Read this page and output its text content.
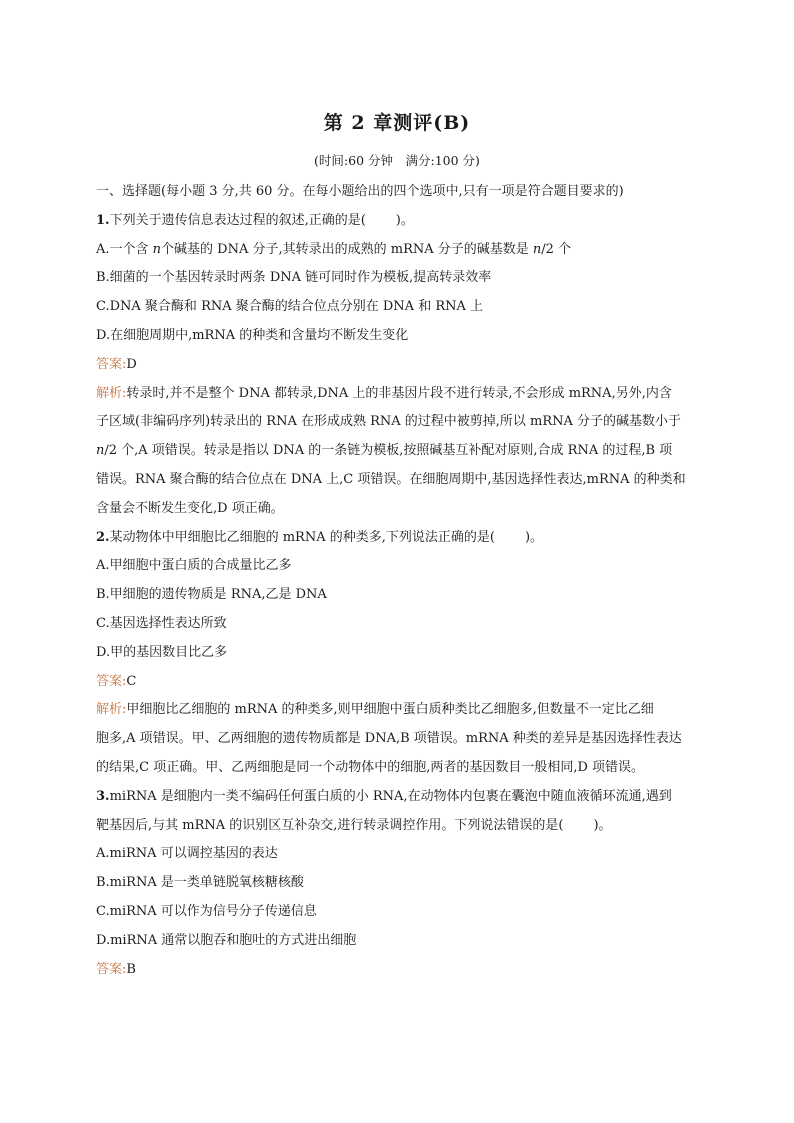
第 2 章测评(B)
(时间:60 分钟　满分:100 分)
一、选择题(每小题 3 分,共 60 分。在每小题给出的四个选项中,只有一项是符合题目要求的)
1.下列关于遗传信息表达过程的叙述,正确的是( )。
A.一个含 n个碱基的 DNA 分子,其转录出的成熟的 mRNA 分子的碱基数是 n/2 个
B.细菌的一个基因转录时两条 DNA 链可同时作为模板,提高转录效率
C.DNA 聚合酶和 RNA 聚合酶的结合位点分别在 DNA 和 RNA 上
D.在细胞周期中,mRNA 的种类和含量均不断发生变化
答案:D
解析:转录时,并不是整个 DNA 都转录,DNA 上的非基因片段不进行转录,不会形成 mRNA,另外,内含
子区域(非编码序列)转录出的 RNA 在形成成熟 RNA 的过程中被剪掉,所以 mRNA 分子的碱基数小于
n/2 个,A 项错误。转录是指以 DNA 的一条链为模板,按照碱基互补配对原则,合成 RNA 的过程,B 项
错误。RNA 聚合酶的结合位点在 DNA 上,C 项错误。在细胞周期中,基因选择性表达,mRNA 的种类和
含量会不断发生变化,D 项正确。
2.某动物体中甲细胞比乙细胞的 mRNA 的种类多,下列说法正确的是( )。
A.甲细胞中蛋白质的合成量比乙多
B.甲细胞的遗传物质是 RNA,乙是 DNA
C.基因选择性表达所致
D.甲的基因数目比乙多
答案:C
解析:甲细胞比乙细胞的 mRNA 的种类多,则甲细胞中蛋白质种类比乙细胞多,但数量不一定比乙细
胞多,A 项错误。甲、乙两细胞的遗传物质都是 DNA,B 项错误。mRNA 种类的差异是基因选择性表达
的结果,C 项正确。甲、乙两细胞是同一个动物体中的细胞,两者的基因数目一般相同,D 项错误。
3.miRNA 是细胞内一类不编码任何蛋白质的小 RNA,在动物体内包裹在囊泡中随血液循环流通,遇到
靶基因后,与其 mRNA 的识别区互补杂交,进行转录调控作用。下列说法错误的是( )。
A.miRNA 可以调控基因的表达
B.miRNA 是一类单链脱氧核糖核酸
C.miRNA 可以作为信号分子传递信息
D.miRNA 通常以胞吞和胞吐的方式进出细胞
答案:B
